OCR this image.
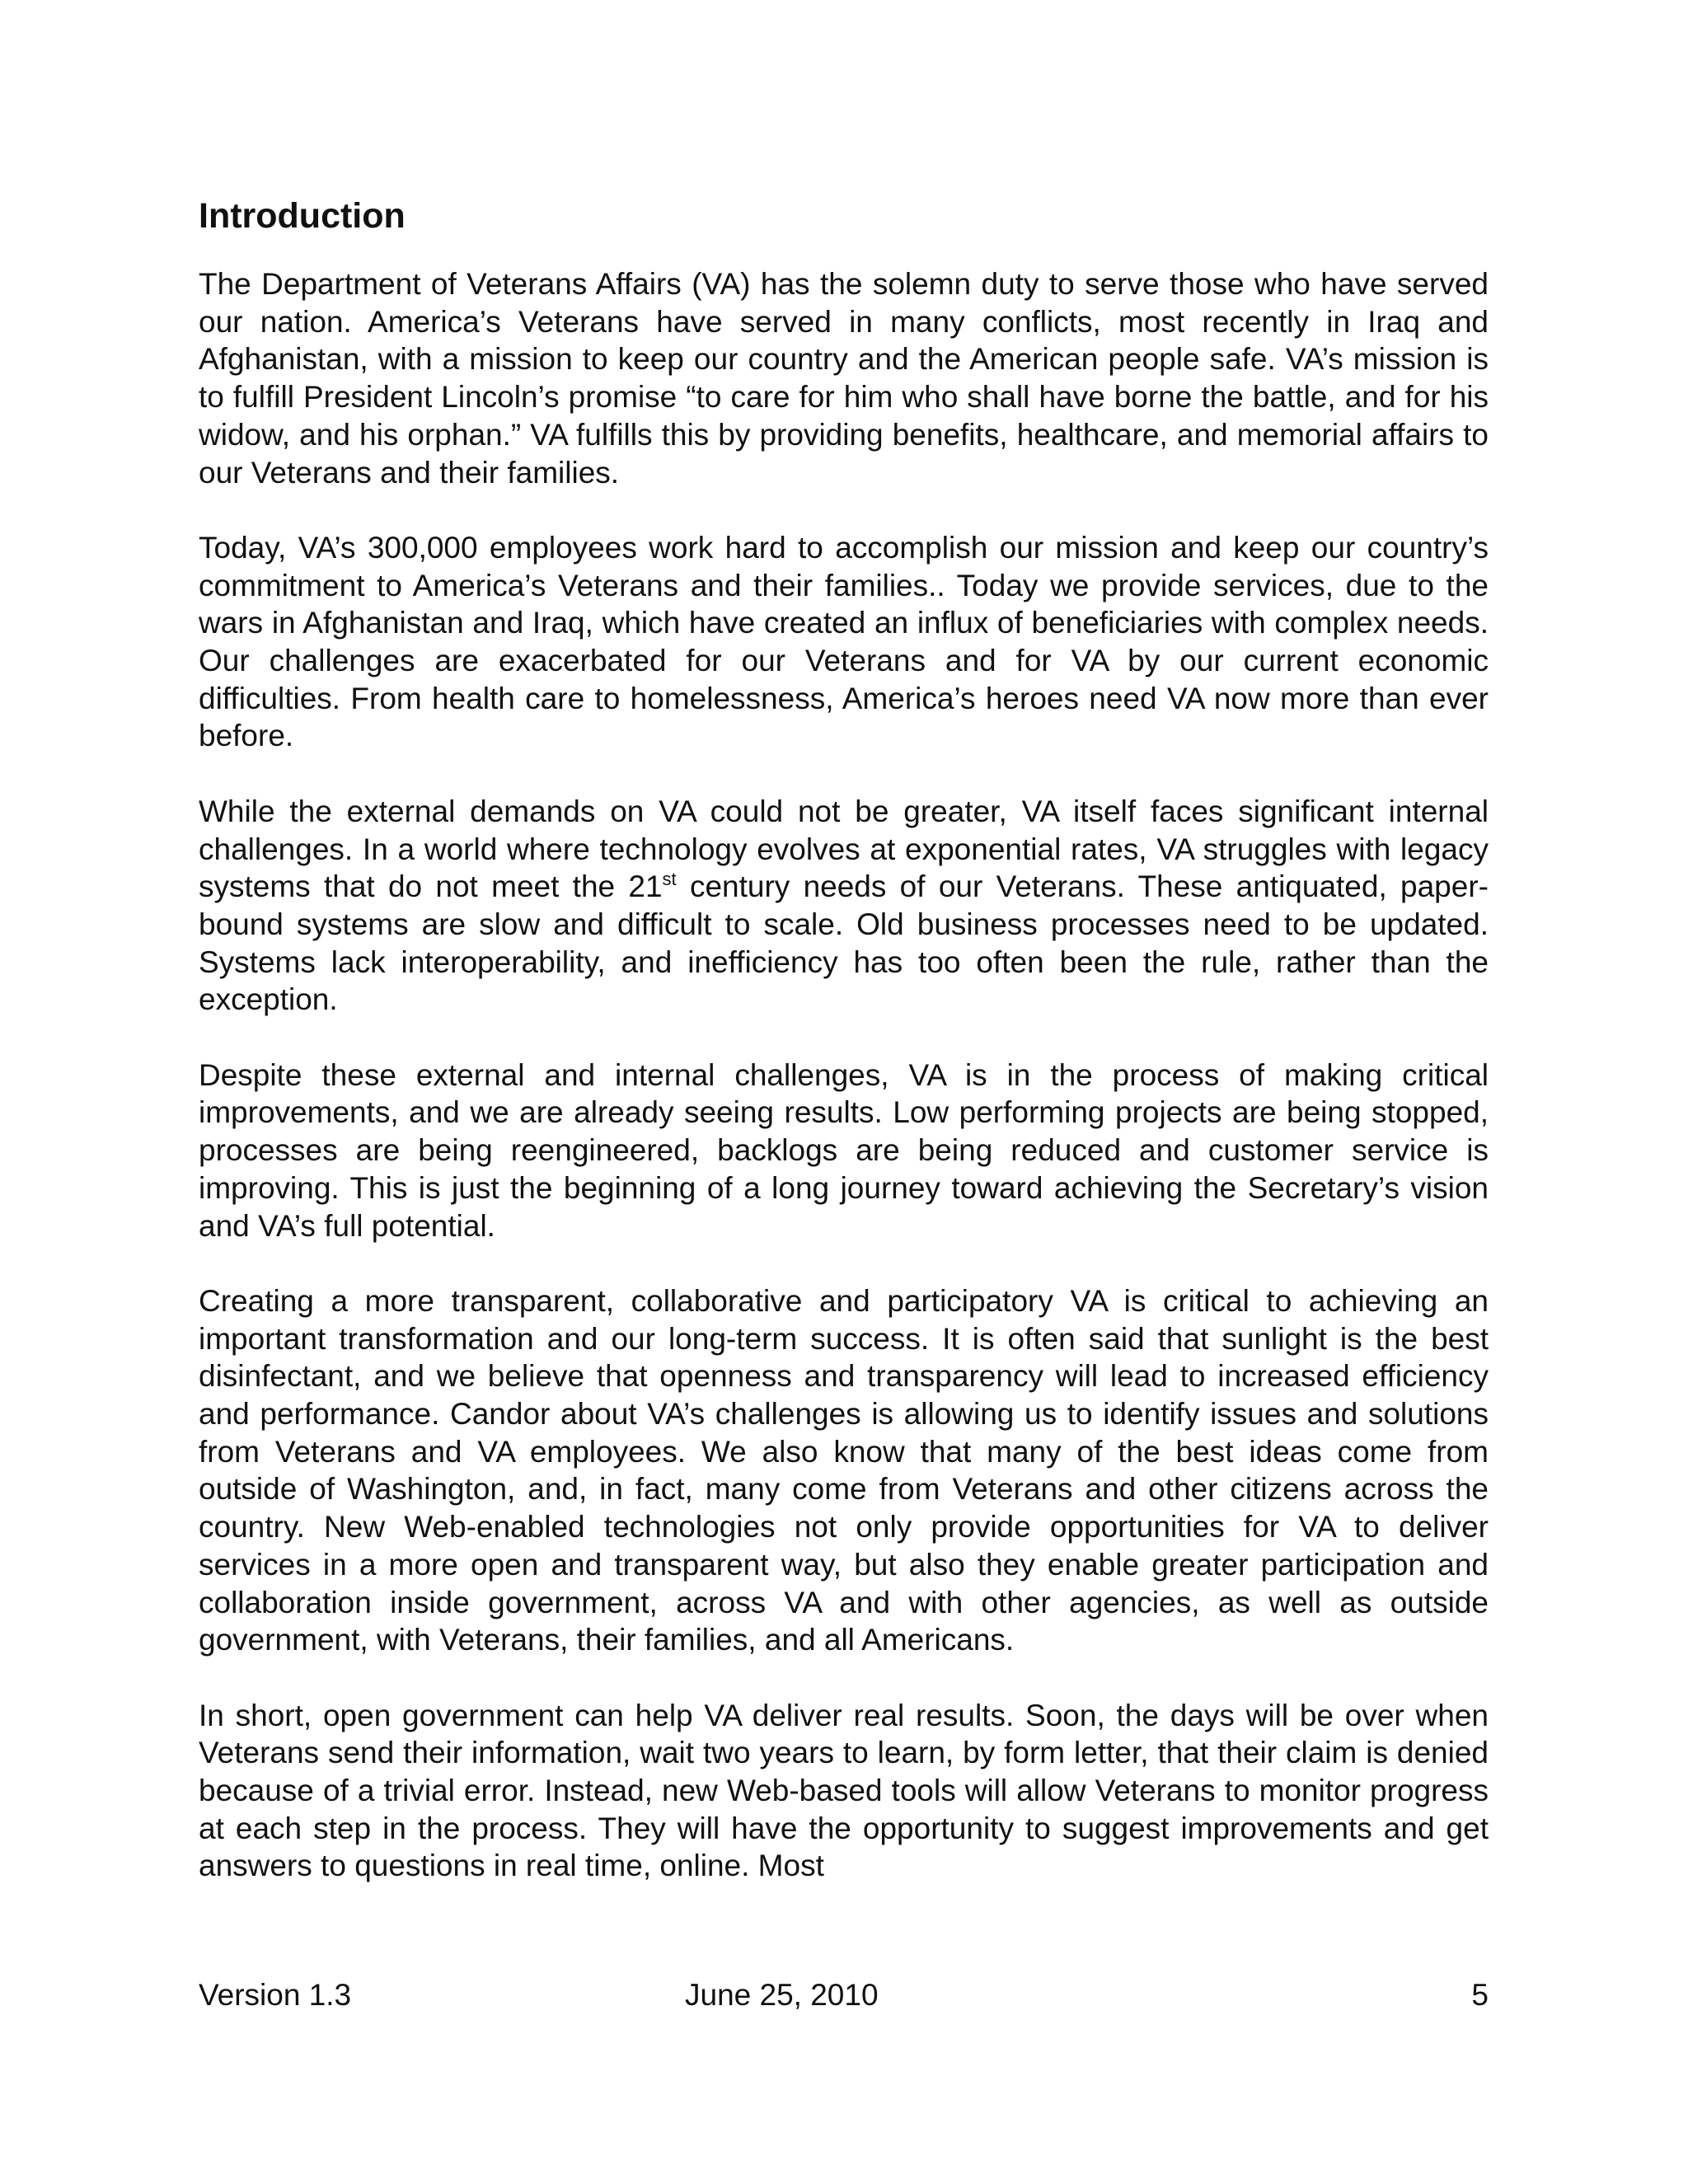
Introduction

The Department of Veterans Affairs (VA) has the solemn duty to serve those who have served our nation. America’s Veterans have served in many conflicts, most recently in Iraq and Afghanistan, with a mission to keep our country and the American people safe. VA’s mission is to fulfill President Lincoln’s promise “to care for him who shall have borne the battle, and for his widow, and his orphan.” VA fulfills this by providing benefits, healthcare, and memorial affairs to our Veterans and their families.

Today, VA’s 300,000 employees work hard to accomplish our mission and keep our country’s commitment to America’s Veterans and their families.. Today we provide services, due to the wars in Afghanistan and Iraq, which have created an influx of beneficiaries with complex needs. Our challenges are exacerbated for our Veterans and for VA by our current economic difficulties. From health care to homelessness, America’s heroes need VA now more than ever before.

While the external demands on VA could not be greater, VA itself faces significant internal challenges. In a world where technology evolves at exponential rates, VA struggles with legacy systems that do not meet the 21st century needs of our Veterans. These antiquated, paper-bound systems are slow and difficult to scale. Old business processes need to be updated. Systems lack interoperability, and inefficiency has too often been the rule, rather than the exception.

Despite these external and internal challenges, VA is in the process of making critical improvements, and we are already seeing results. Low performing projects are being stopped, processes are being reengineered, backlogs are being reduced and customer service is improving. This is just the beginning of a long journey toward achieving the Secretary’s vision and VA’s full potential.

Creating a more transparent, collaborative and participatory VA is critical to achieving an important transformation and our long-term success. It is often said that sunlight is the best disinfectant, and we believe that openness and transparency will lead to increased efficiency and performance. Candor about VA’s challenges is allowing us to identify issues and solutions from Veterans and VA employees. We also know that many of the best ideas come from outside of Washington, and, in fact, many come from Veterans and other citizens across the country. New Web-enabled technologies not only provide opportunities for VA to deliver services in a more open and transparent way, but also they enable greater participation and collaboration inside government, across VA and with other agencies, as well as outside government, with Veterans, their families, and all Americans.

In short, open government can help VA deliver real results. Soon, the days will be over when Veterans send their information, wait two years to learn, by form letter, that their claim is denied because of a trivial error. Instead, new Web-based tools will allow Veterans to monitor progress at each step in the process. They will have the opportunity to suggest improvements and get answers to questions in real time, online. Most

Version 1.3	June 25, 2010	5
